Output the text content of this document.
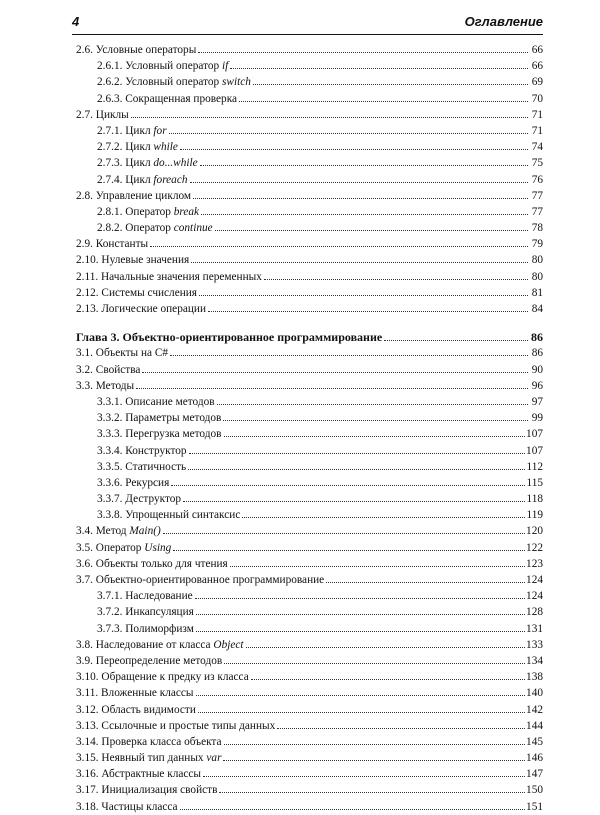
4	Оглавление
2.6. Условные операторы	66
2.6.1. Условный оператор if	66
2.6.2. Условный оператор switch	69
2.6.3. Сокращенная проверка	70
2.7. Циклы	71
2.7.1. Цикл for	71
2.7.2. Цикл while	74
2.7.3. Цикл do...while	75
2.7.4. Цикл foreach	76
2.8. Управление циклом	77
2.8.1. Оператор break	77
2.8.2. Оператор continue	78
2.9. Константы	79
2.10. Нулевые значения	80
2.11. Начальные значения переменных	80
2.12. Системы счисления	81
2.13. Логические операции	84
Глава 3. Объектно-ориентированное программирование	86
3.1. Объекты на C#	86
3.2. Свойства	90
3.3. Методы	96
3.3.1. Описание методов	97
3.3.2. Параметры методов	99
3.3.3. Перегрузка методов	107
3.3.4. Конструктор	107
3.3.5. Статичность	112
3.3.6. Рекурсия	115
3.3.7. Деструктор	118
3.3.8. Упрощенный синтаксис	119
3.4. Метод Main()	120
3.5. Оператор Using	122
3.6. Объекты только для чтения	123
3.7. Объектно-ориентированное программирование	124
3.7.1. Наследование	124
3.7.2. Инкапсуляция	128
3.7.3. Полиморфизм	131
3.8. Наследование от класса Object	133
3.9. Переопределение методов	134
3.10. Обращение к предку из класса	138
3.11. Вложенные классы	140
3.12. Область видимости	142
3.13. Ссылочные и простые типы данных	144
3.14. Проверка класса объекта	145
3.15. Неявный тип данных var	146
3.16. Абстрактные классы	147
3.17. Инициализация свойств	150
3.18. Частицы класса	151
